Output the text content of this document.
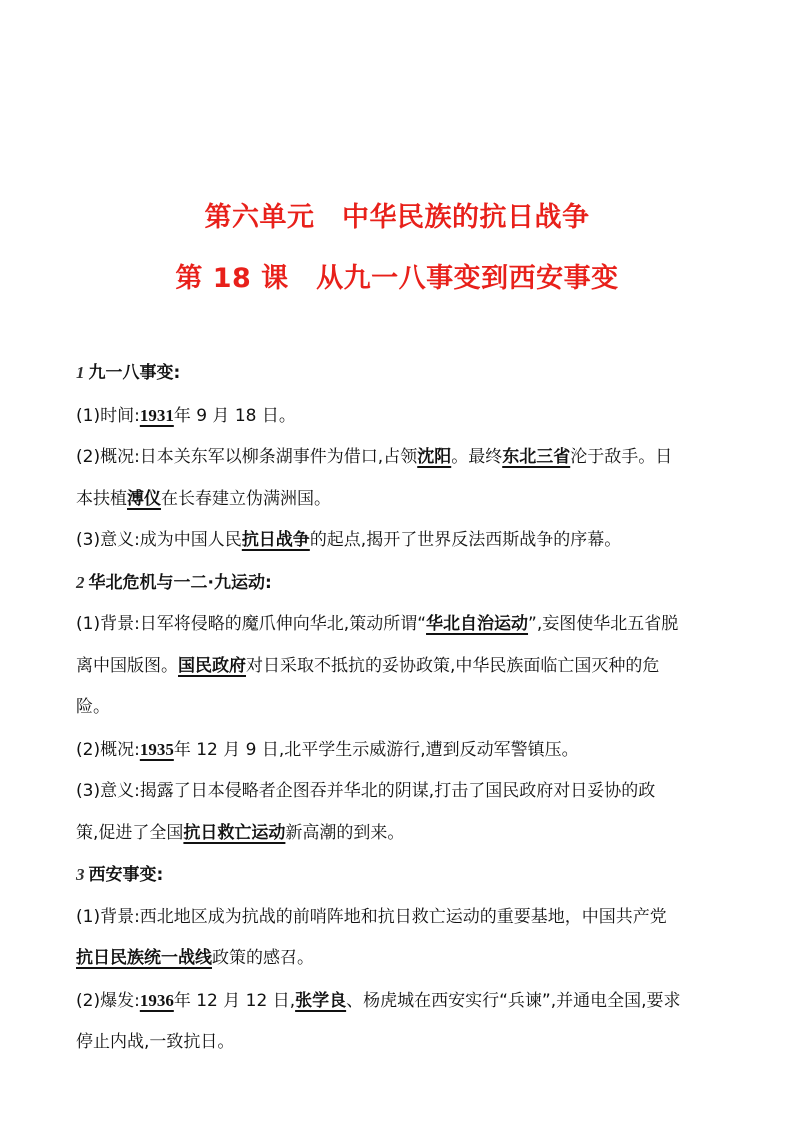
第六单元　中华民族的抗日战争
第 18 课　从九一八事变到西安事变
1 九一八事变:
(1)时间:1931年 9 月 18 日。
(2)概况:日本关东军以柳条湖事件为借口,占领沈阳。最终东北三省沦于敌手。日
本扶植溥仪在长春建立伪满洲国。
(3)意义:成为中国人民抗日战争的起点,揭开了世界反法西斯战争的序幕。
2 华北危机与一二·九运动:
(1)背景:日军将侵略的魔爪伸向华北,策动所谓“华北自治运动”,妄图使华北五省脱
离中国版图。国民政府对日采取不抵抗的妥协政策,中华民族面临亡国灭种的危
险。
(2)概况:1935年 12 月 9 日,北平学生示威游行,遭到反动军警镇压。
(3)意义:揭露了日本侵略者企图吞并华北的阴谋,打击了国民政府对日妥协的政
策,促进了全国抗日救亡运动新高潮的到来。
3 西安事变:
(1)背景:西北地区成为抗战的前哨阵地和抗日救亡运动的重要基地，中国共产党
抗日民族统一战线政策的感召。
(2)爆发:1936年 12 月 12 日,张学良、杨虎城在西安实行“兵谏”,并通电全国,要求
停止内战,一致抗日。
